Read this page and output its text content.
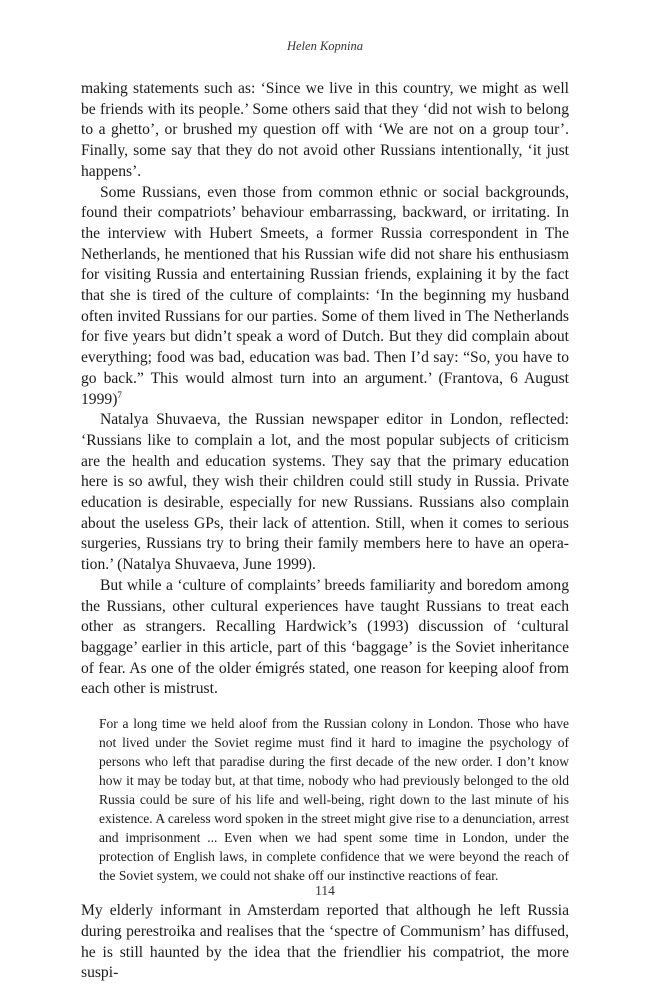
Helen Kopnina

making statements such as: ‘Since we live in this country, we might as well be friends with its people.’ Some others said that they ‘did not wish to belong to a ghetto’, or brushed my question off with ‘We are not on a group tour’. Finally, some say that they do not avoid other Russians intentionally, ‘it just happens’.

Some Russians, even those from common ethnic or social backgrounds, found their compatriots’ behaviour embarrassing, backward, or irritating. In the interview with Hubert Smeets, a former Russia correspondent in The Netherlands, he mentioned that his Russian wife did not share his enthusiasm for visiting Russia and entertaining Russian friends, explaining it by the fact that she is tired of the culture of complaints: ‘In the beginning my husband often invited Russians for our parties. Some of them lived in The Netherlands for five years but didn’t speak a word of Dutch. But they did complain about everything; food was bad, education was bad. Then I’d say: “So, you have to go back.” This would almost turn into an argument.’ (Frantova, 6 August 1999)$^7$

Natalya Shuvaeva, the Russian newspaper editor in London, reflected: ‘Russians like to complain a lot, and the most popular subjects of criticism are the health and education systems. They say that the primary education here is so awful, they wish their children could still study in Russia. Private education is desirable, especially for new Russians. Russians also complain about the useless GPs, their lack of attention. Still, when it comes to serious surgeries, Russians try to bring their family members here to have an operation.’ (Natalya Shuvaeva, June 1999).

But while a ‘culture of complaints’ breeds familiarity and boredom among the Russians, other cultural experiences have taught Russians to treat each other as strangers. Recalling Hardwick’s (1993) discussion of ‘cultural baggage’ earlier in this article, part of this ‘baggage’ is the Soviet inheritance of fear. As one of the older émigrés stated, one reason for keeping aloof from each other is mistrust.

For a long time we held aloof from the Russian colony in London. Those who have not lived under the Soviet regime must find it hard to imagine the psychology of persons who left that paradise during the first decade of the new order. I don’t know how it may be today but, at that time, nobody who had previously belonged to the old Russia could be sure of his life and well-being, right down to the last minute of his existence. A careless word spoken in the street might give rise to a denunciation, arrest and imprisonment ... Even when we had spent some time in London, under the protection of English laws, in complete confidence that we were beyond the reach of the Soviet system, we could not shake off our instinctive reactions of fear.

My elderly informant in Amsterdam reported that although he left Russia during perestroika and realises that the ‘spectre of Communism’ has diffused, he is still haunted by the idea that the friendlier his compatriot, the more suspi-

114
